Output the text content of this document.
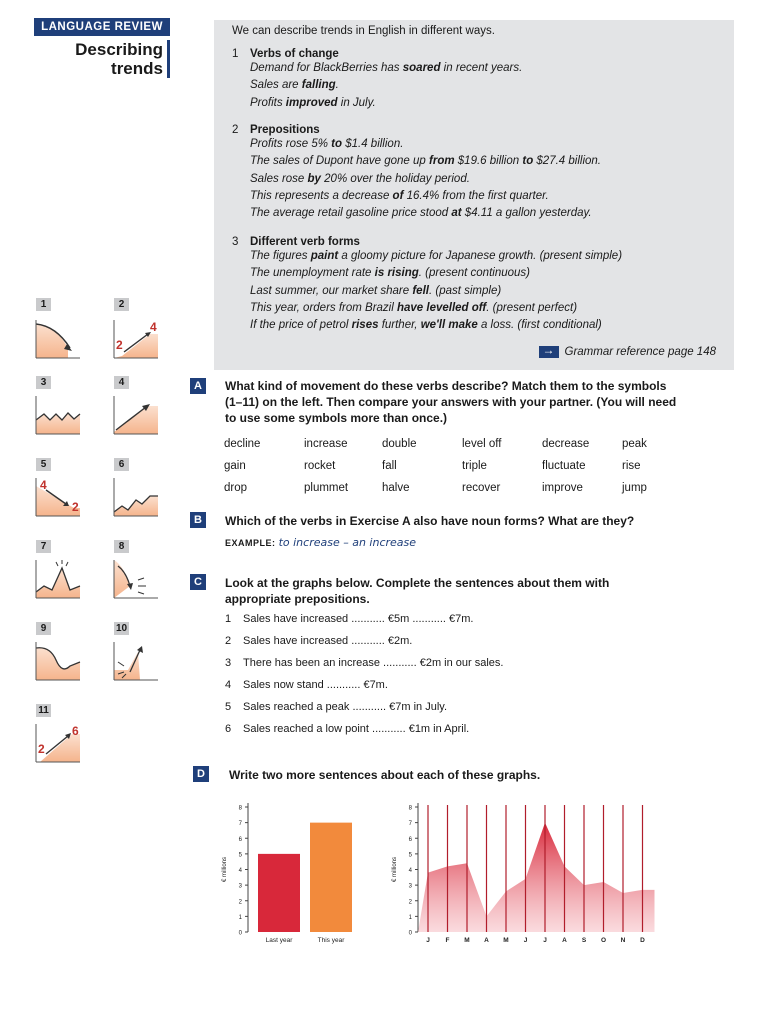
LANGUAGE REVIEW
Describing
trends
We can describe trends in English in different ways.
1 Verbs of change
Demand for BlackBerries has soared in recent years.
Sales are falling.
Profits improved in July.
2 Prepositions
Profits rose 5% to $1.4 billion.
The sales of Dupont have gone up from $19.6 billion to $27.4 billion.
Sales rose by 20% over the holiday period.
This represents a decrease of 16.4% from the first quarter.
The average retail gasoline price stood at $4.11 a gallon yesterday.
3 Different verb forms
The figures paint a gloomy picture for Japanese growth. (present simple)
The unemployment rate is rising. (present continuous)
Last summer, our market share fell. (past simple)
This year, orders from Brazil have levelled off. (present perfect)
If the price of petrol rises further, we'll make a loss. (first conditional)
→
Grammar reference page 148
1	2
3	4
5	6
7	8
9	10
11
2
4
4
2
2
6
A	What kind of movement do these verbs describe? Match them to the symbols (1–11) on the left. Then compare your answers with your partner. (You will need to use some symbols more than once.)
decline	increase	double	level off	decrease	peak
gain	rocket	fall	triple	fluctuate	rise
drop	plummet	halve	recover	improve	jump
B	Which of the verbs in Exercise A also have noun forms? What are they?
EXAMPLE: to increase – an increase
C	Look at the graphs below. Complete the sentences about them with appropriate prepositions.
1	Sales have increased ........... €5m ........... €7m.
2	Sales have increased ........... €2m.
3	There has been an increase ........... €2m in our sales.
4	Sales now stand ........... €7m.
5	Sales reached a peak ........... €7m in July.
6	Sales reached a low point ........... €1m in April.
D	Write two more sentences about each of these graphs.
0
1
2
3
4
5
6
7
8
€ millions
Last year	This year
0
1
2
3
4
5
6
7
8
€ millions
J F M A M J J A S O N D
